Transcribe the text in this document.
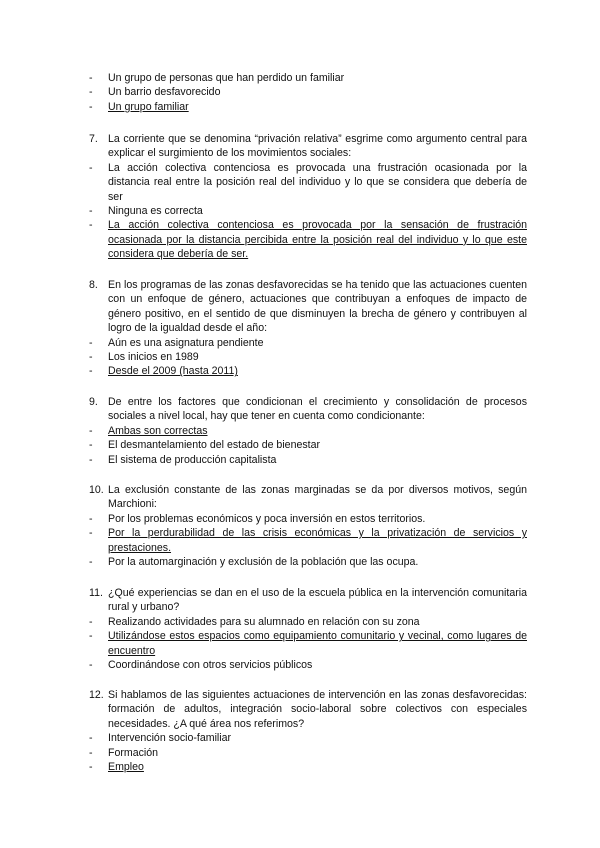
- Un grupo de personas que han perdido un familiar
- Un barrio desfavorecido
- Un grupo familiar
7. La corriente que se denomina “privación relativa” esgrime como argumento central para explicar el surgimiento de los movimientos sociales:
- La acción colectiva contenciosa es provocada una frustración ocasionada por la distancia real entre la posición real del individuo y lo que se considera que debería de ser
- Ninguna es correcta
- La acción colectiva contenciosa es provocada por la sensación de frustración ocasionada por la distancia percibida entre la posición real del individuo y lo que este considera que debería de ser.
8. En los programas de las zonas desfavorecidas se ha tenido que las actuaciones cuenten con un enfoque de género, actuaciones que contribuyan a enfoques de impacto de género positivo, en el sentido de que disminuyen la brecha de género y contribuyen al logro de la igualdad desde el año:
- Aún es una asignatura pendiente
- Los inicios en 1989
- Desde el 2009 (hasta 2011)
9. De entre los factores que condicionan el crecimiento y consolidación de procesos sociales a nivel local, hay que tener en cuenta como condicionante:
- Ambas son correctas
- El desmantelamiento del estado de bienestar
- El sistema de producción capitalista
10. La exclusión constante de las zonas marginadas se da por diversos motivos, según Marchioni:
- Por los problemas económicos y poca inversión en estos territorios.
- Por la perdurabilidad de las crisis económicas y la privatización de servicios y prestaciones.
- Por la automarginación y exclusión de la población que las ocupa.
11. ¿Qué experiencias se dan en el uso de la escuela pública en la intervención comunitaria rural y urbano?
- Realizando actividades para su alumnado en relación con su zona
- Utilizándose estos espacios como equipamiento comunitario y vecinal, como lugares de encuentro
- Coordinándose con otros servicios públicos
12. Si hablamos de las siguientes actuaciones de intervención en las zonas desfavorecidas: formación de adultos, integración socio-laboral sobre colectivos con especiales necesidades. ¿A qué área nos referimos?
- Intervención socio-familiar
- Formación
- Empleo
